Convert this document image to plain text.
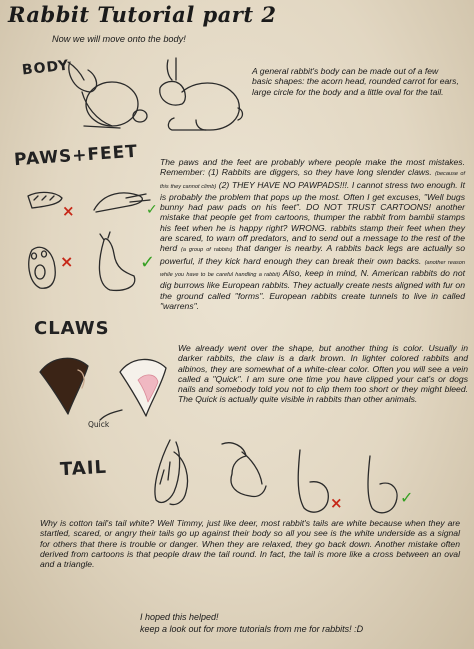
Rabbit Tutorial part 2
Now we will move onto the body!
BODY	A general rabbit's body can be made out of a few basic shapes: the acorn head, rounded carrot for ears, large circle for the body and a little oval for the tail.
PAWS+FEET
×	✓
×	✓
The paws and the feet are probably where people make the most mistakes. Remember: (1) Rabbits are diggers, so they have long slender claws. (because of this they cannot climb) (2) THEY HAVE NO PAWPADS!!!. I cannot stress two enough. It is probably the problem that pops up the most. Often I get excuses, "Well bugs bunny had paw pads on his feet". DO NOT TRUST CARTOONS! another mistake that people get from cartoons, thumper the rabbit from bambii stamps his feet when he is happy right? WRONG. rabbits stamp their feet when they are scared, to warn off predators, and to send out a message to the rest of the herd (a group of rabbits) that danger is nearby. A rabbits back legs are actually so powerful, if they kick hard enough they can break their own backs. (another reason while you have to be careful handling a rabbit) Also, keep in mind, N. American rabbits do not dig burrows like European rabbits. They actually create nests aligned with fur on the ground called "forms". European rabbits create tunnels to live in called "warrens".
CLAWS
Quick
We already went over the shape, but another thing is color. Usually in darker rabbits, the claw is a dark brown. In lighter colored rabbits and albinos, they are somewhat of a white-clear color. Often you will see a vein called a "Quick". I am sure one time you have clipped your cat's or dogs nails and somebody told you not to clip them too short or they might bleed. The Quick is actually quite visible in rabbits than other animals.
TAIL
×	✓
Why is cotton tail's tail white? Well Timmy, just like deer, most rabbit's tails are white because when they are startled, scared, or angry their tails go up against their body so all you see is the white underside as a signal for others that there is trouble or danger. When they are relaxed, they go back down. Another mistake often derived from cartoons is that people draw the tail round. In fact, the tail is more like a cross between an oval and a triangle.
I hoped this helped!
keep a look out for more tutorials from me for rabbits! :D
